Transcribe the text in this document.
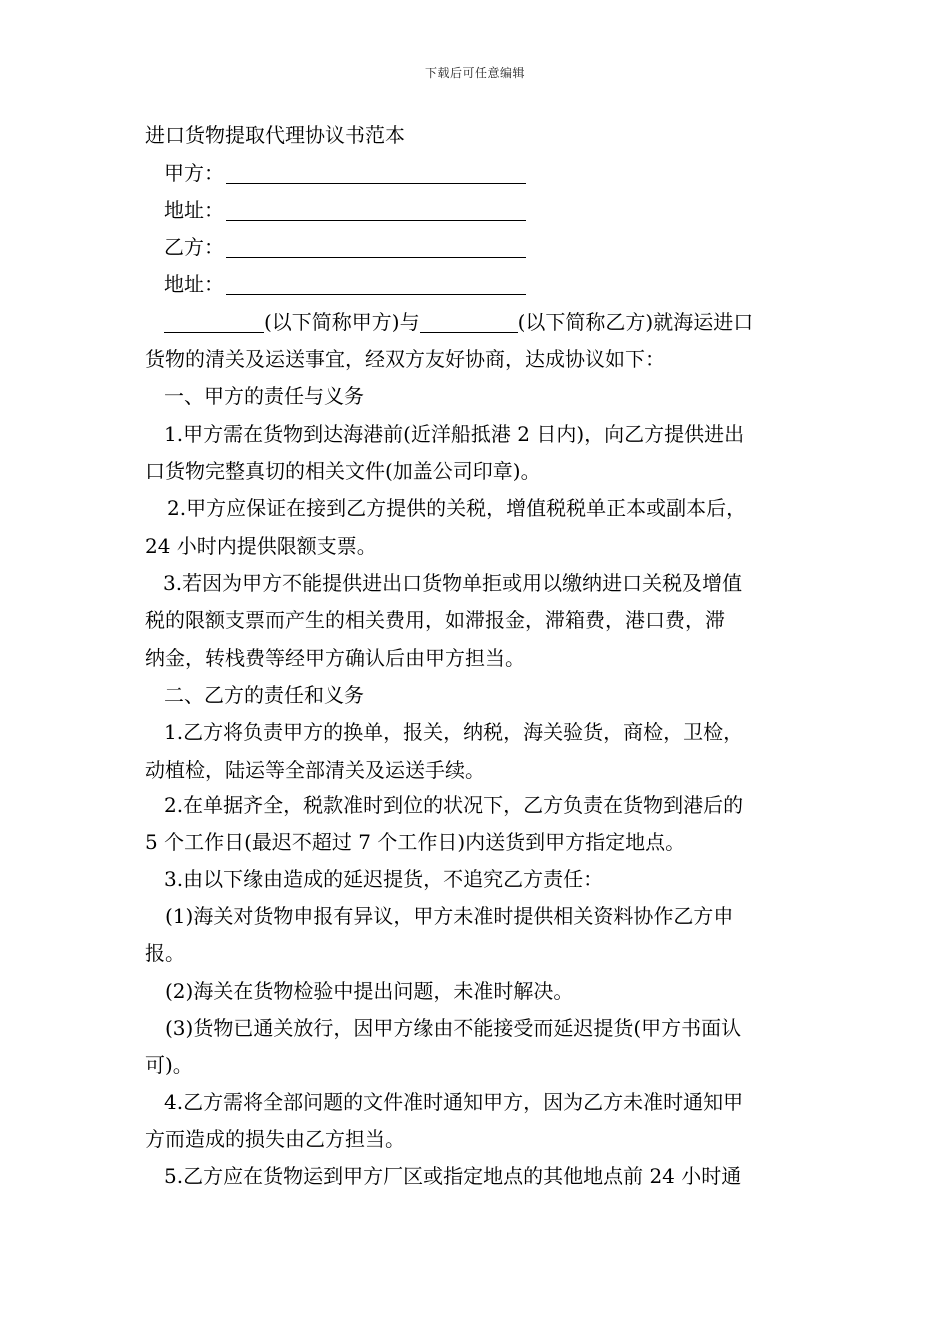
下载后可任意编辑
进口货物提取代理协议书范本
甲方：
地址：
乙方：
地址：
(以下简称甲方)与	(以下简称乙方)就海运进口
货物的清关及运送事宜，经双方友好协商，达成协议如下：
一、甲方的责任与义务
1.甲方需在货物到达海港前(近洋船抵港 2 日内)，向乙方提供进出
口货物完整真切的相关文件(加盖公司印章)。
2.甲方应保证在接到乙方提供的关税，增值税税单正本或副本后，
24 小时内提供限额支票。
3.若因为甲方不能提供进出口货物单拒或用以缴纳进口关税及增值
税的限额支票而产生的相关费用，如滞报金，滞箱费，港口费，滞
纳金，转栈费等经甲方确认后由甲方担当。
二、乙方的责任和义务
1.乙方将负责甲方的换单，报关，纳税，海关验货，商检，卫检，
动植检，陆运等全部清关及运送手续。
2.在单据齐全，税款准时到位的状况下，乙方负责在货物到港后的
5 个工作日(最迟不超过 7 个工作日)内送货到甲方指定地点。
3.由以下缘由造成的延迟提货，不追究乙方责任：
(1)海关对货物申报有异议，甲方未准时提供相关资料协作乙方申
报。
(2)海关在货物检验中提出问题，未准时解决。
(3)货物已通关放行，因甲方缘由不能接受而延迟提货(甲方书面认
可)。
4.乙方需将全部问题的文件准时通知甲方，因为乙方未准时通知甲
方而造成的损失由乙方担当。
5.乙方应在货物运到甲方厂区或指定地点的其他地点前 24 小时通
